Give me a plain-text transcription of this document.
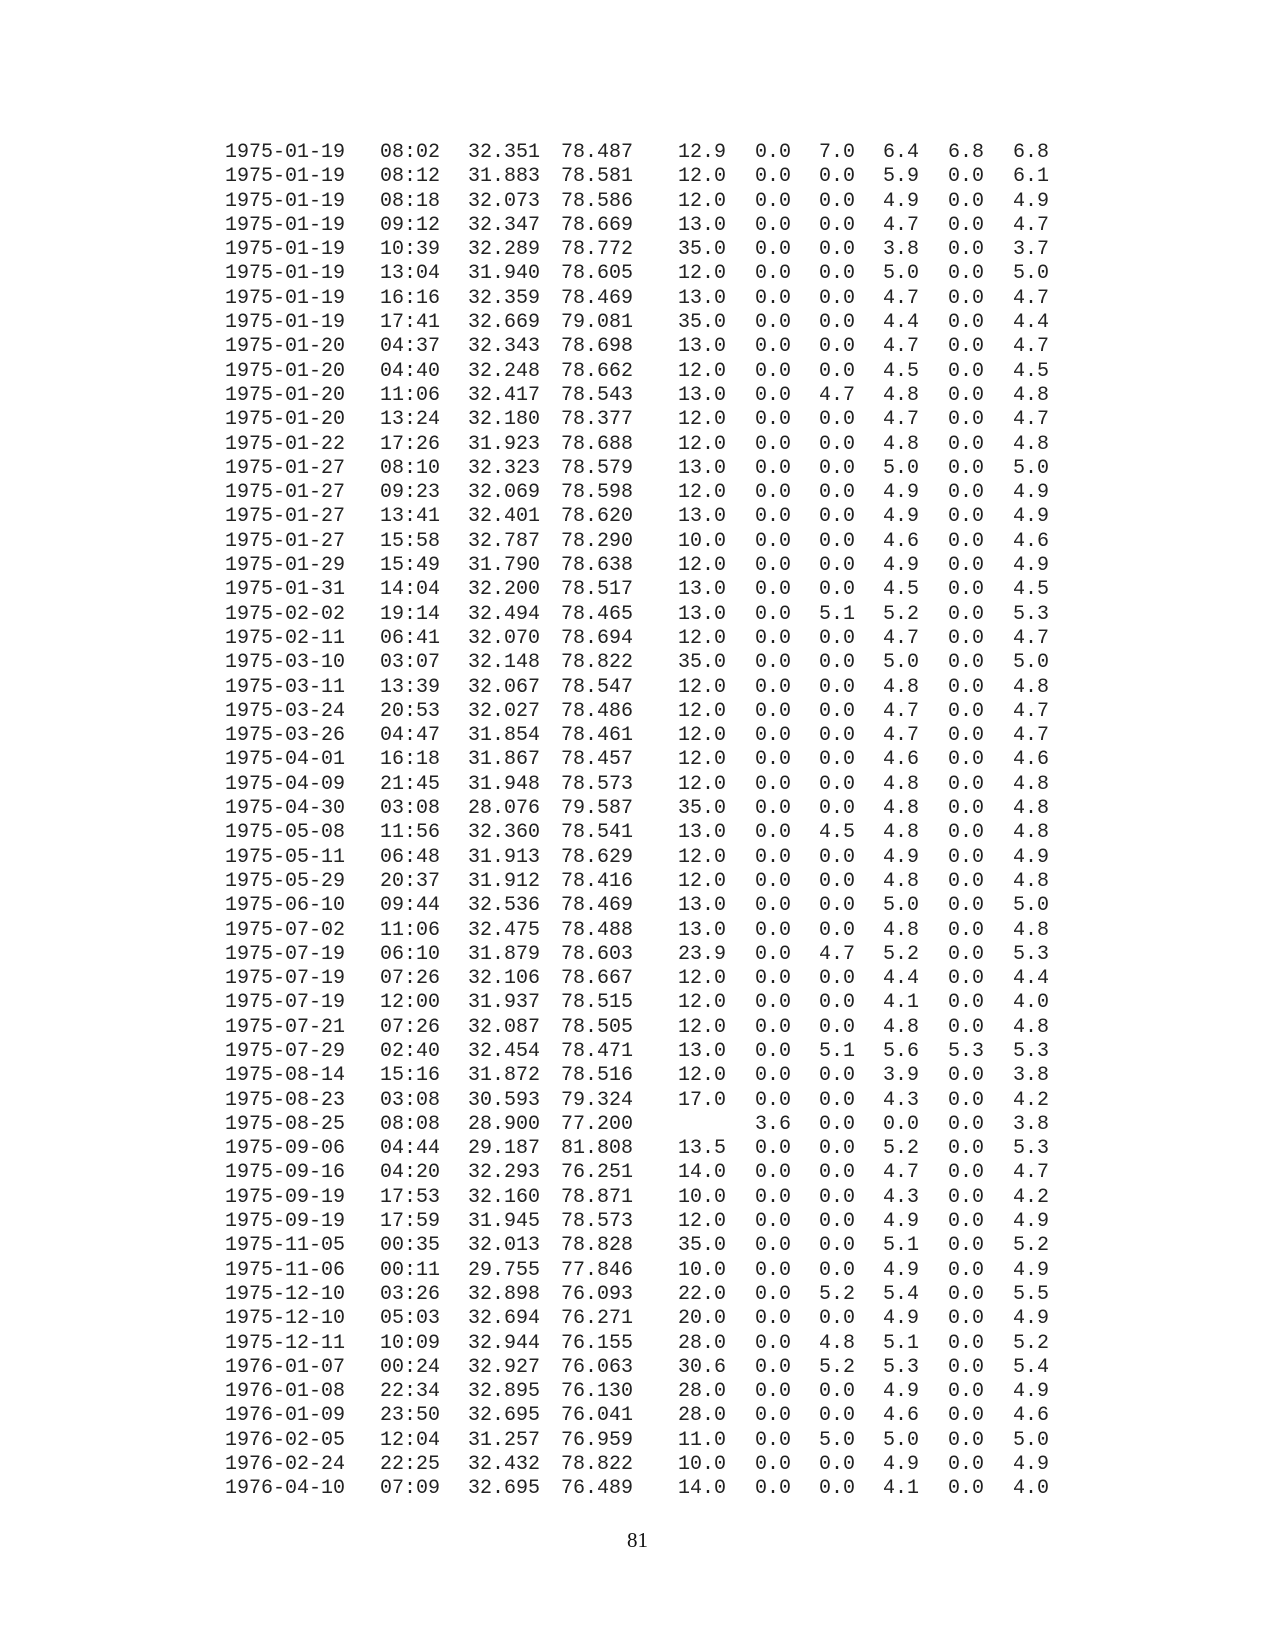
1975-01-19 08:02 32.351 78.487 12.9 0.0 7.0 6.4 6.8 6.8
1975-01-19 08:12 31.883 78.581 12.0 0.0 0.0 5.9 0.0 6.1
1975-01-19 08:18 32.073 78.586 12.0 0.0 0.0 4.9 0.0 4.9
1975-01-19 09:12 32.347 78.669 13.0 0.0 0.0 4.7 0.0 4.7
1975-01-19 10:39 32.289 78.772 35.0 0.0 0.0 3.8 0.0 3.7
1975-01-19 13:04 31.940 78.605 12.0 0.0 0.0 5.0 0.0 5.0
1975-01-19 16:16 32.359 78.469 13.0 0.0 0.0 4.7 0.0 4.7
1975-01-19 17:41 32.669 79.081 35.0 0.0 0.0 4.4 0.0 4.4
1975-01-20 04:37 32.343 78.698 13.0 0.0 0.0 4.7 0.0 4.7
1975-01-20 04:40 32.248 78.662 12.0 0.0 0.0 4.5 0.0 4.5
1975-01-20 11:06 32.417 78.543 13.0 0.0 4.7 4.8 0.0 4.8
1975-01-20 13:24 32.180 78.377 12.0 0.0 0.0 4.7 0.0 4.7
1975-01-22 17:26 31.923 78.688 12.0 0.0 0.0 4.8 0.0 4.8
1975-01-27 08:10 32.323 78.579 13.0 0.0 0.0 5.0 0.0 5.0
1975-01-27 09:23 32.069 78.598 12.0 0.0 0.0 4.9 0.0 4.9
1975-01-27 13:41 32.401 78.620 13.0 0.0 0.0 4.9 0.0 4.9
1975-01-27 15:58 32.787 78.290 10.0 0.0 0.0 4.6 0.0 4.6
1975-01-29 15:49 31.790 78.638 12.0 0.0 0.0 4.9 0.0 4.9
1975-01-31 14:04 32.200 78.517 13.0 0.0 0.0 4.5 0.0 4.5
1975-02-02 19:14 32.494 78.465 13.0 0.0 5.1 5.2 0.0 5.3
1975-02-11 06:41 32.070 78.694 12.0 0.0 0.0 4.7 0.0 4.7
1975-03-10 03:07 32.148 78.822 35.0 0.0 0.0 5.0 0.0 5.0
1975-03-11 13:39 32.067 78.547 12.0 0.0 0.0 4.8 0.0 4.8
1975-03-24 20:53 32.027 78.486 12.0 0.0 0.0 4.7 0.0 4.7
1975-03-26 04:47 31.854 78.461 12.0 0.0 0.0 4.7 0.0 4.7
1975-04-01 16:18 31.867 78.457 12.0 0.0 0.0 4.6 0.0 4.6
1975-04-09 21:45 31.948 78.573 12.0 0.0 0.0 4.8 0.0 4.8
1975-04-30 03:08 28.076 79.587 35.0 0.0 0.0 4.8 0.0 4.8
1975-05-08 11:56 32.360 78.541 13.0 0.0 4.5 4.8 0.0 4.8
1975-05-11 06:48 31.913 78.629 12.0 0.0 0.0 4.9 0.0 4.9
1975-05-29 20:37 31.912 78.416 12.0 0.0 0.0 4.8 0.0 4.8
1975-06-10 09:44 32.536 78.469 13.0 0.0 0.0 5.0 0.0 5.0
1975-07-02 11:06 32.475 78.488 13.0 0.0 0.0 4.8 0.0 4.8
1975-07-19 06:10 31.879 78.603 23.9 0.0 4.7 5.2 0.0 5.3
1975-07-19 07:26 32.106 78.667 12.0 0.0 0.0 4.4 0.0 4.4
1975-07-19 12:00 31.937 78.515 12.0 0.0 0.0 4.1 0.0 4.0
1975-07-21 07:26 32.087 78.505 12.0 0.0 0.0 4.8 0.0 4.8
1975-07-29 02:40 32.454 78.471 13.0 0.0 5.1 5.6 5.3 5.3
1975-08-14 15:16 31.872 78.516 12.0 0.0 0.0 3.9 0.0 3.8
1975-08-23 03:08 30.593 79.324 17.0 0.0 0.0 4.3 0.0 4.2
1975-08-25 08:08 28.900 77.200	3.6 0.0 0.0 0.0 3.8
1975-09-06 04:44 29.187 81.808 13.5 0.0 0.0 5.2 0.0 5.3
1975-09-16 04:20 32.293 76.251 14.0 0.0 0.0 4.7 0.0 4.7
1975-09-19 17:53 32.160 78.871 10.0 0.0 0.0 4.3 0.0 4.2
1975-09-19 17:59 31.945 78.573 12.0 0.0 0.0 4.9 0.0 4.9
1975-11-05 00:35 32.013 78.828 35.0 0.0 0.0 5.1 0.0 5.2
1975-11-06 00:11 29.755 77.846 10.0 0.0 0.0 4.9 0.0 4.9
1975-12-10 03:26 32.898 76.093 22.0 0.0 5.2 5.4 0.0 5.5
1975-12-10 05:03 32.694 76.271 20.0 0.0 0.0 4.9 0.0 4.9
1975-12-11 10:09 32.944 76.155 28.0 0.0 4.8 5.1 0.0 5.2
1976-01-07 00:24 32.927 76.063 30.6 0.0 5.2 5.3 0.0 5.4
1976-01-08 22:34 32.895 76.130 28.0 0.0 0.0 4.9 0.0 4.9
1976-01-09 23:50 32.695 76.041 28.0 0.0 0.0 4.6 0.0 4.6
1976-02-05 12:04 31.257 76.959 11.0 0.0 5.0 5.0 0.0 5.0
1976-02-24 22:25 32.432 78.822 10.0 0.0 0.0 4.9 0.0 4.9
1976-04-10 07:09 32.695 76.489 14.0 0.0 0.0 4.1 0.0 4.0
81
